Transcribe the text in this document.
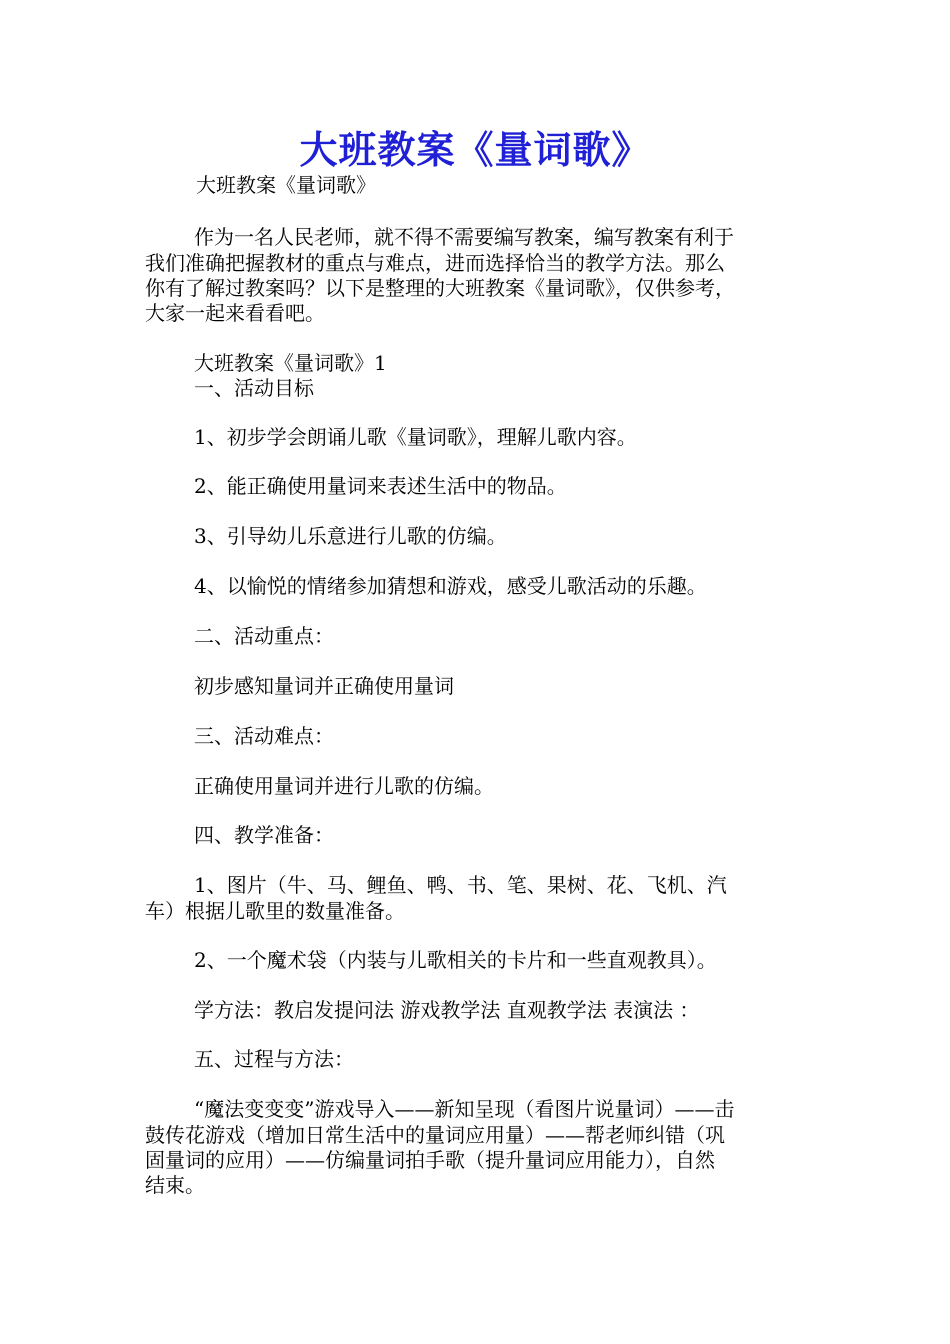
大班教案《量词歌》
大班教案《量词歌》
作为一名人民老师，就不得不需要编写教案，编写教案有利于
我们准确把握教材的重点与难点，进而选择恰当的教学方法。那么
你有了解过教案吗？以下是整理的大班教案《量词歌》，仅供参考，
大家一起来看看吧。
大班教案《量词歌》1
一、活动目标
1、初步学会朗诵儿歌《量词歌》，理解儿歌内容。
2、能正确使用量词来表述生活中的物品。
3、引导幼儿乐意进行儿歌的仿编。
4、以愉悦的情绪参加猜想和游戏，感受儿歌活动的乐趣。
二、活动重点：
初步感知量词并正确使用量词
三、活动难点：
正确使用量词并进行儿歌的仿编。
四、教学准备：
1、图片（牛、马、鲤鱼、鸭、书、笔、果树、花、飞机、汽
车）根据儿歌里的数量准备。
2、一个魔术袋（内装与儿歌相关的卡片和一些直观教具）。
学方法：教启发提问法 游戏教学法 直观教学法 表演法 ：
五、过程与方法：
“魔法变变变”游戏导入——新知呈现（看图片说量词）——击
鼓传花游戏（增加日常生活中的量词应用量）——帮老师纠错（巩
固量词的应用）——仿编量词拍手歌（提升量词应用能力），自然
结束。
